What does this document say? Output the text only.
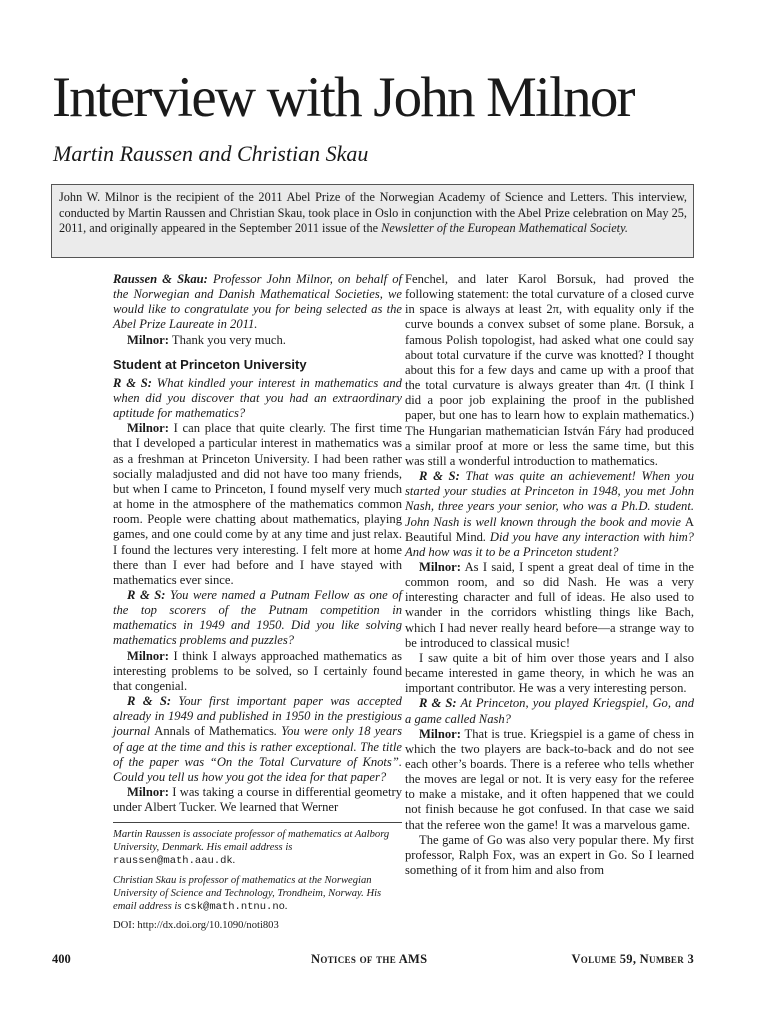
Interview with John Milnor
Martin Raussen and Christian Skau
John W. Milnor is the recipient of the 2011 Abel Prize of the Norwegian Academy of Science and Letters. This interview, conducted by Martin Raussen and Christian Skau, took place in Oslo in conjunction with the Abel Prize celebration on May 25, 2011, and originally appeared in the September 2011 issue of the Newsletter of the European Mathematical Society.

Raussen & Skau: Professor John Milnor, on behalf of the Norwegian and Danish Mathematical Societies, we would like to congratulate you for being selected as the Abel Prize Laureate in 2011.

Milnor: Thank you very much.

Student at Princeton University

R & S: What kindled your interest in mathematics and when did you discover that you had an extraordinary aptitude for mathematics?

Milnor: I can place that quite clearly. The first time that I developed a particular interest in mathematics was as a freshman at Princeton University. I had been rather socially maladjusted and did not have too many friends, but when I came to Princeton, I found myself very much at home in the atmosphere of the mathematics common room. People were chatting about mathematics, playing games, and one could come by at any time and just relax. I found the lectures very interesting. I felt more at home there than I ever had before and I have stayed with mathematics ever since.

R & S: You were named a Putnam Fellow as one of the top scorers of the Putnam competition in mathematics in 1949 and 1950. Did you like solving mathematics problems and puzzles?

Milnor: I think I always approached mathematics as interesting problems to be solved, so I certainly found that congenial.

R & S: Your first important paper was accepted already in 1949 and published in 1950 in the prestigious journal Annals of Mathematics. You were only 18 years of age at the time and this is rather exceptional. The title of the paper was “On the Total Curvature of Knots”. Could you tell us how you got the idea for that paper?

Milnor: I was taking a course in differential geometry under Albert Tucker. We learned that Werner

Fenchel, and later Karol Borsuk, had proved the following statement: the total curvature of a closed curve in space is always at least 2π, with equality only if the curve bounds a convex subset of some plane. Borsuk, a famous Polish topologist, had asked what one could say about total curvature if the curve was knotted? I thought about this for a few days and came up with a proof that the total curvature is always greater than 4π. (I think I did a poor job explaining the proof in the published paper, but one has to learn how to explain mathematics.) The Hungarian mathematician István Fáry had produced a similar proof at more or less the same time, but this was still a wonderful introduction to mathematics.

R & S: That was quite an achievement! When you started your studies at Princeton in 1948, you met John Nash, three years your senior, who was a Ph.D. student. John Nash is well known through the book and movie A Beautiful Mind. Did you have any interaction with him? And how was it to be a Princeton student?

Milnor: As I said, I spent a great deal of time in the common room, and so did Nash. He was a very interesting character and full of ideas. He also used to wander in the corridors whistling things like Bach, which I had never really heard before—a strange way to be introduced to classical music!

I saw quite a bit of him over those years and I also became interested in game theory, in which he was an important contributor. He was a very interesting person.

R & S: At Princeton, you played Kriegspiel, Go, and a game called Nash?

Milnor: That is true. Kriegspiel is a game of chess in which the two players are back-to-back and do not see each other’s boards. There is a referee who tells whether the moves are legal or not. It is very easy for the referee to make a mistake, and it often happened that we could not finish because he got confused. In that case we said that the referee won the game! It was a marvelous game.

The game of Go was also very popular there. My first professor, Ralph Fox, was an expert in Go. So I learned something of it from him and also from

Martin Raussen is associate professor of mathematics at Aalborg University, Denmark. His email address is raussen@math.aau.dk.

Christian Skau is professor of mathematics at the Norwegian University of Science and Technology, Trondheim, Norway. His email address is csk@math.ntnu.no.

DOI: http://dx.doi.org/10.1090/noti803

400	Notices of the AMS	Volume 59, Number 3
